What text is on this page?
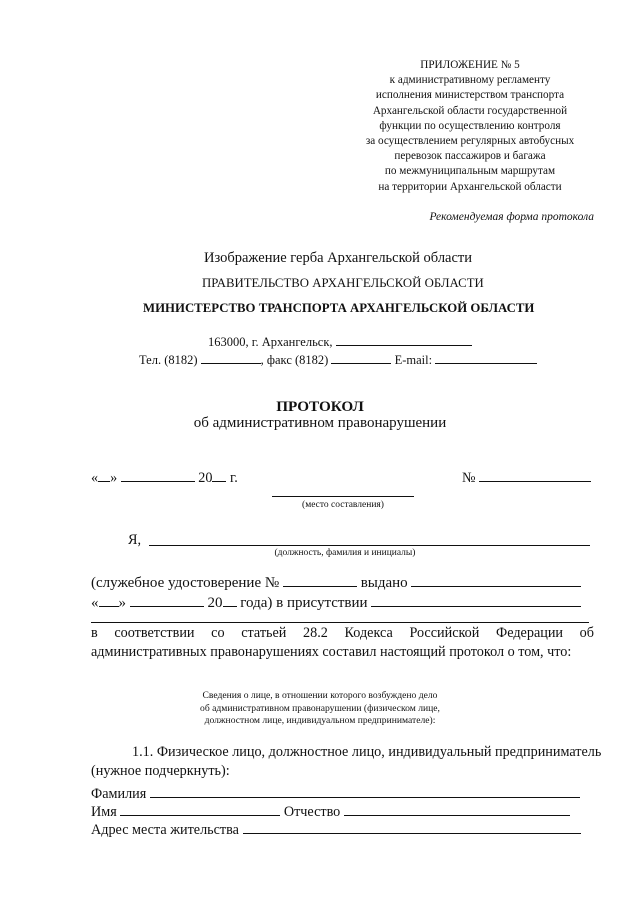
ПРИЛОЖЕНИЕ № 5
к административному регламенту
исполнения министерством транспорта
Архангельской области государственной
функции по осуществлению контроля
за осуществлением регулярных автобусных
перевозок пассажиров и багажа
по межмуниципальным маршрутам
на территории Архангельской области
Рекомендуемая форма протокола
Изображение герба Архангельской области
ПРАВИТЕЛЬСТВО АРХАНГЕЛЬСКОЙ ОБЛАСТИ
МИНИСТЕРСТВО ТРАНСПОРТА АРХАНГЕЛЬСКОЙ ОБЛАСТИ
163000, г. Архангельск,
Тел. (8182)	, факс (8182)	E-mail:
ПРОТОКОЛ
об административном правонарушении
« »	20 г.	№
(место составления)
Я,
(должность, фамилия и инициалы)
(служебное удостоверение №	выдано
« »	20 года) в присутствии
в соответствии со статьей 28.2 Кодекса Российской Федерации об административных правонарушениях составил настоящий протокол о том, что:
Сведения о лице, в отношении которого возбуждено дело
об административном правонарушении (физическом лице,
должностном лице, индивидуальном предпринимателе):
1.1. Физическое лицо, должностное лицо, индивидуальный предприниматель
(нужное подчеркнуть):
Фамилия
Имя	Отчество
Адрес места жительства
